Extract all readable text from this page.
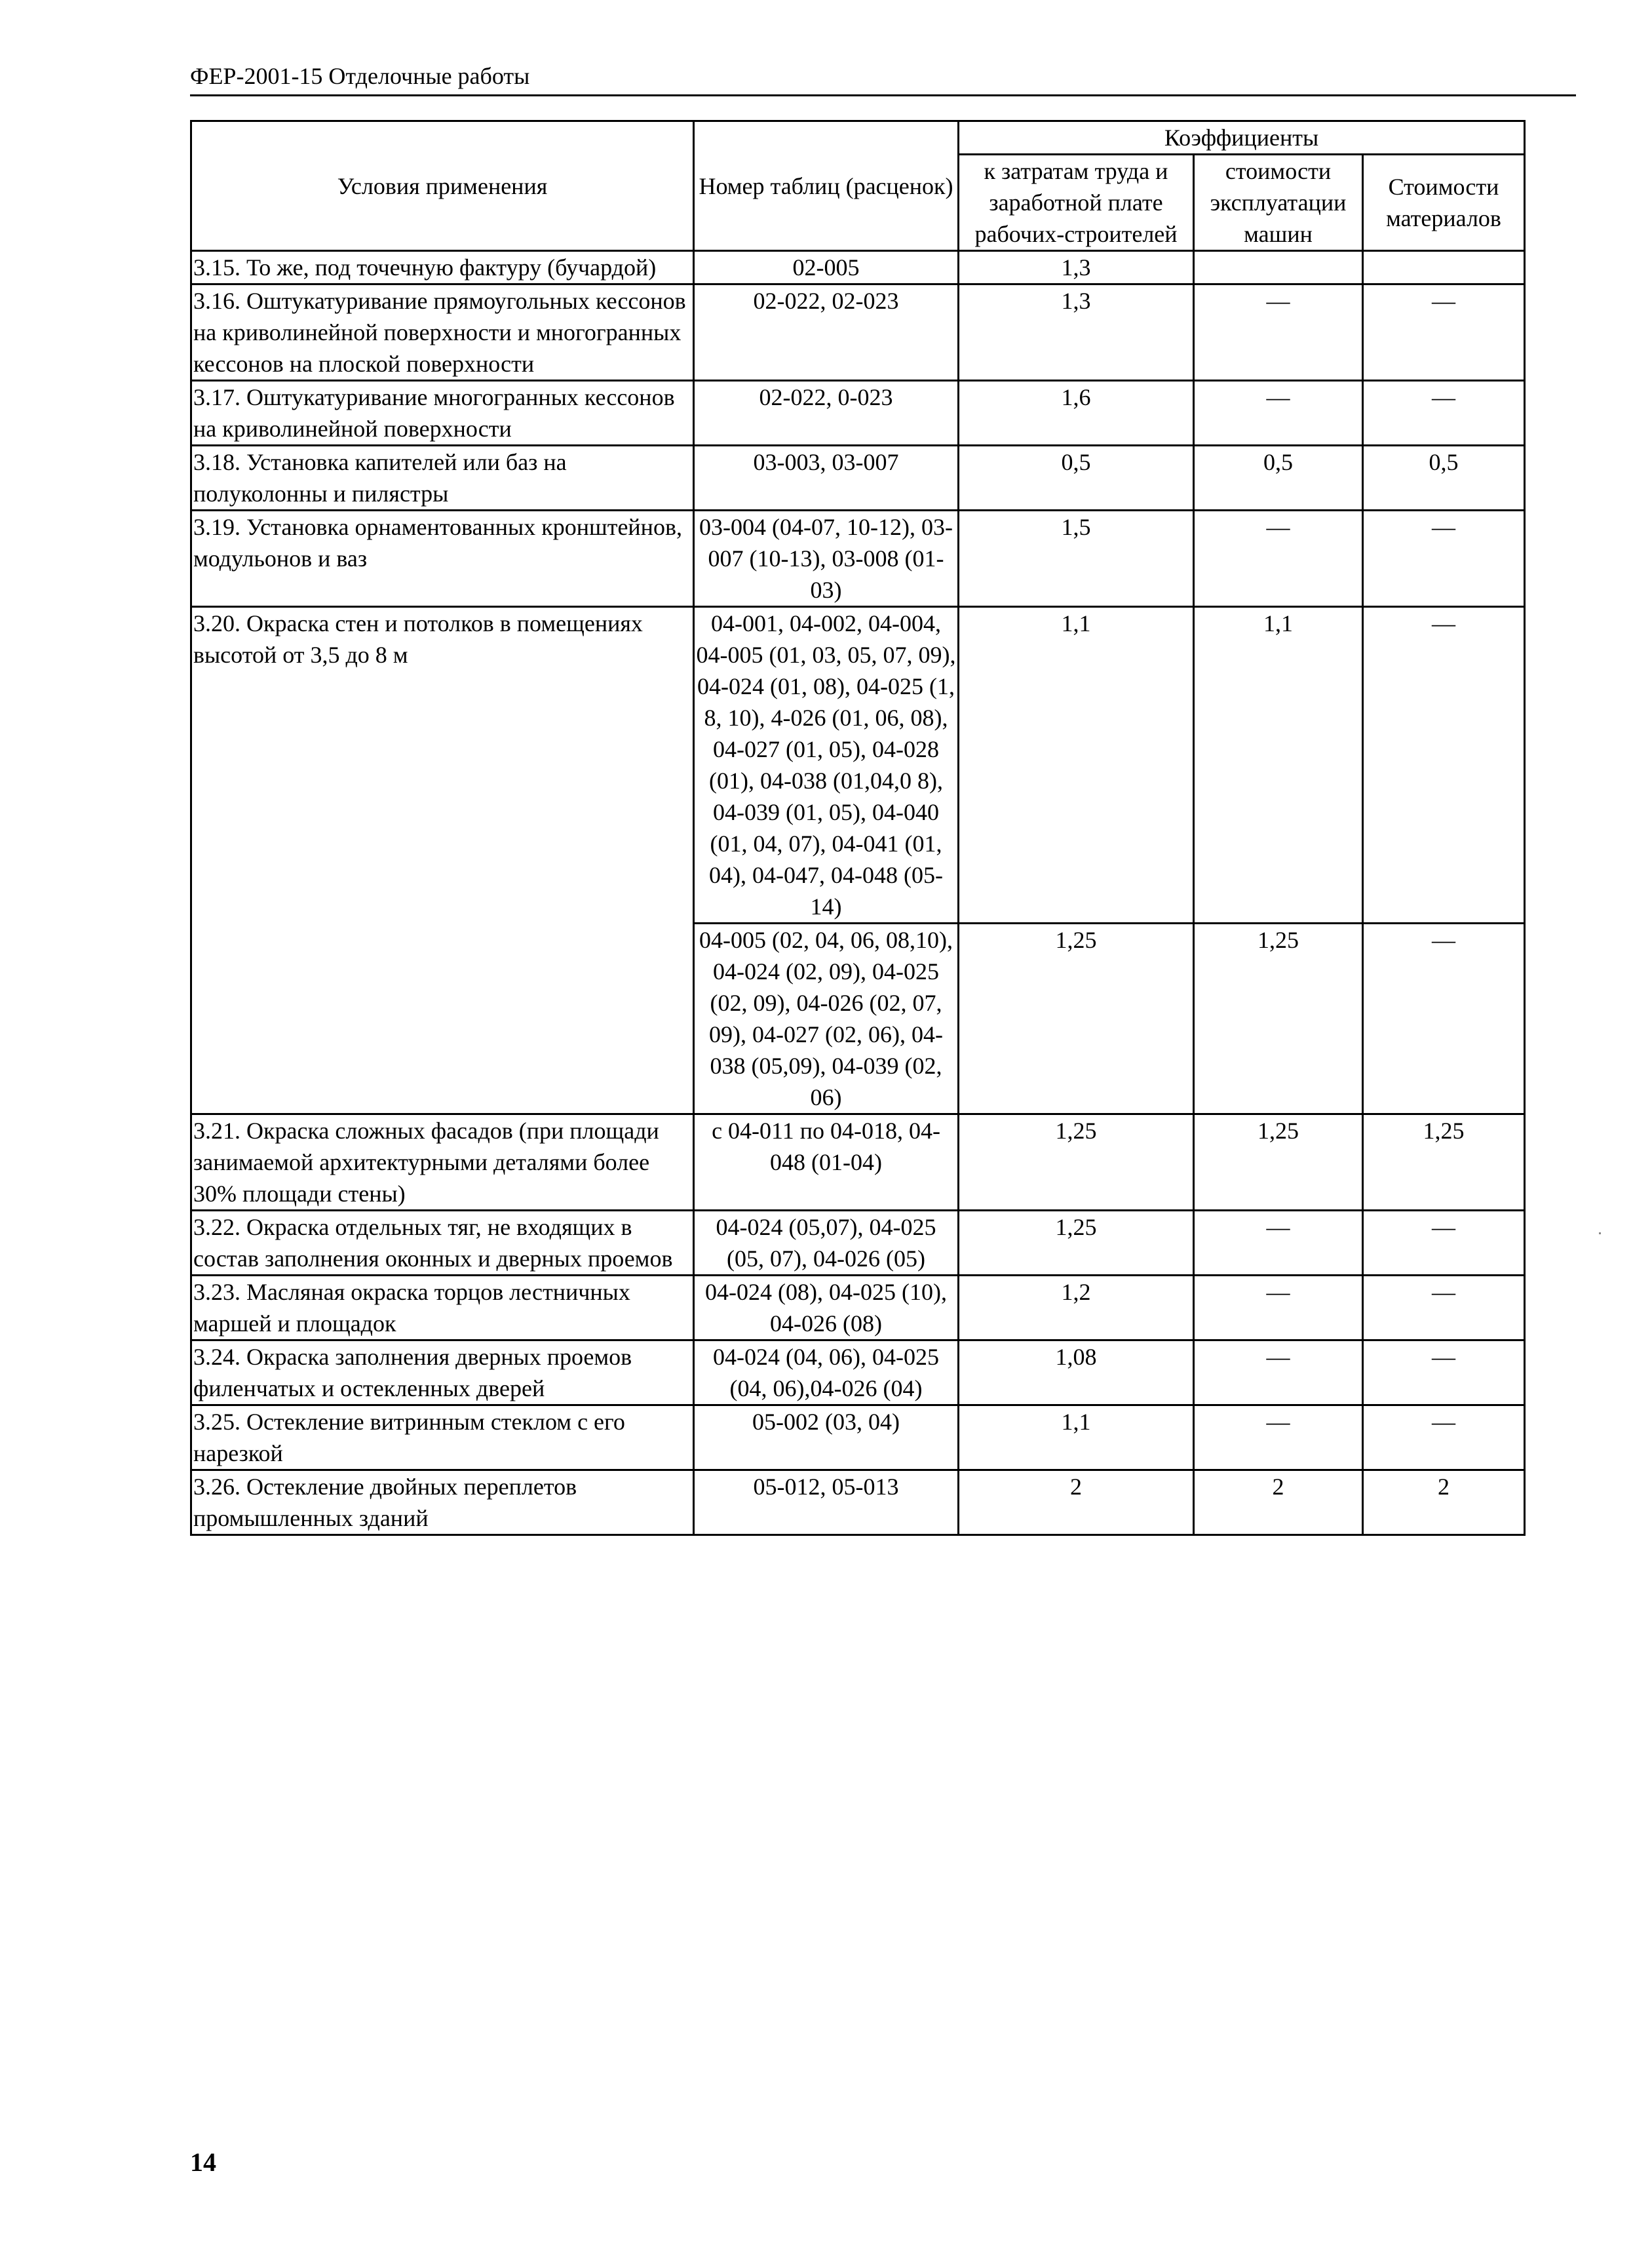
ФЕР-2001-15 Отделочные работы
Условия применения	Номер таблиц (расценок)	Коэффициенты		
		к затратам труда и заработной плате рабочих-строителей	стоимости эксплуатации машин	Стоимости материалов
3.15. То же, под точечную фактуру (бучардой)	02-005	1,3		
3.16. Оштукатуривание прямоугольных кессонов на криволинейной поверхности и многогранных кессонов на плоской поверхности	02-022, 02-023	1,3	—	—
3.17. Оштукатуривание многогранных кессонов на криволинейной поверхности	02-022, 0-023	1,6	—	—
3.18. Установка капителей или баз на полуколонны и пилястры	03-003, 03-007	0,5	0,5	0,5
3.19. Установка орнаментованных кронштейнов, модульонов и ваз	03-004 (04-07, 10-12), 03-007 (10-13), 03-008 (01-03)	1,5	—	—
3.20. Окраска стен и потолков в помещениях высотой от 3,5 до 8 м	04-001, 04-002, 04-004, 04-005 (01, 03, 05, 07, 09), 04-024 (01, 08), 04-025 (1, 8, 10), 4-026 (01, 06, 08), 04-027 (01, 05), 04-028 (01), 04-038 (01,04,0 8), 04-039 (01, 05), 04-040 (01, 04, 07), 04-041 (01, 04), 04-047, 04-048 (05-14)	1,1	1,1	—
	04-005 (02, 04, 06, 08,10), 04-024 (02, 09), 04-025 (02, 09), 04-026 (02, 07, 09), 04-027 (02, 06), 04-038 (05,09), 04-039 (02, 06)	1,25	1,25	—
3.21. Окраска сложных фасадов (при площади занимаемой архитектурными деталями более 30% площади стены)	с 04-011 по 04-018, 04-048 (01-04)	1,25	1,25	1,25
3.22. Окраска отдельных тяг, не входящих в состав заполнения оконных и дверных проемов	04-024 (05,07), 04-025 (05, 07), 04-026 (05)	1,25	—	—
3.23. Масляная окраска торцов лестничных маршей и площадок	04-024 (08), 04-025 (10), 04-026 (08)	1,2	—	—
3.24. Окраска заполнения дверных проемов филенчатых и остекленных дверей	04-024 (04, 06), 04-025 (04, 06),04-026 (04)	1,08	—	—
3.25. Остекление витринным стеклом с его нарезкой	05-002 (03, 04)	1,1	—	—
3.26. Остекление двойных переплетов промышленных зданий	05-012, 05-013	2	2	2
14
